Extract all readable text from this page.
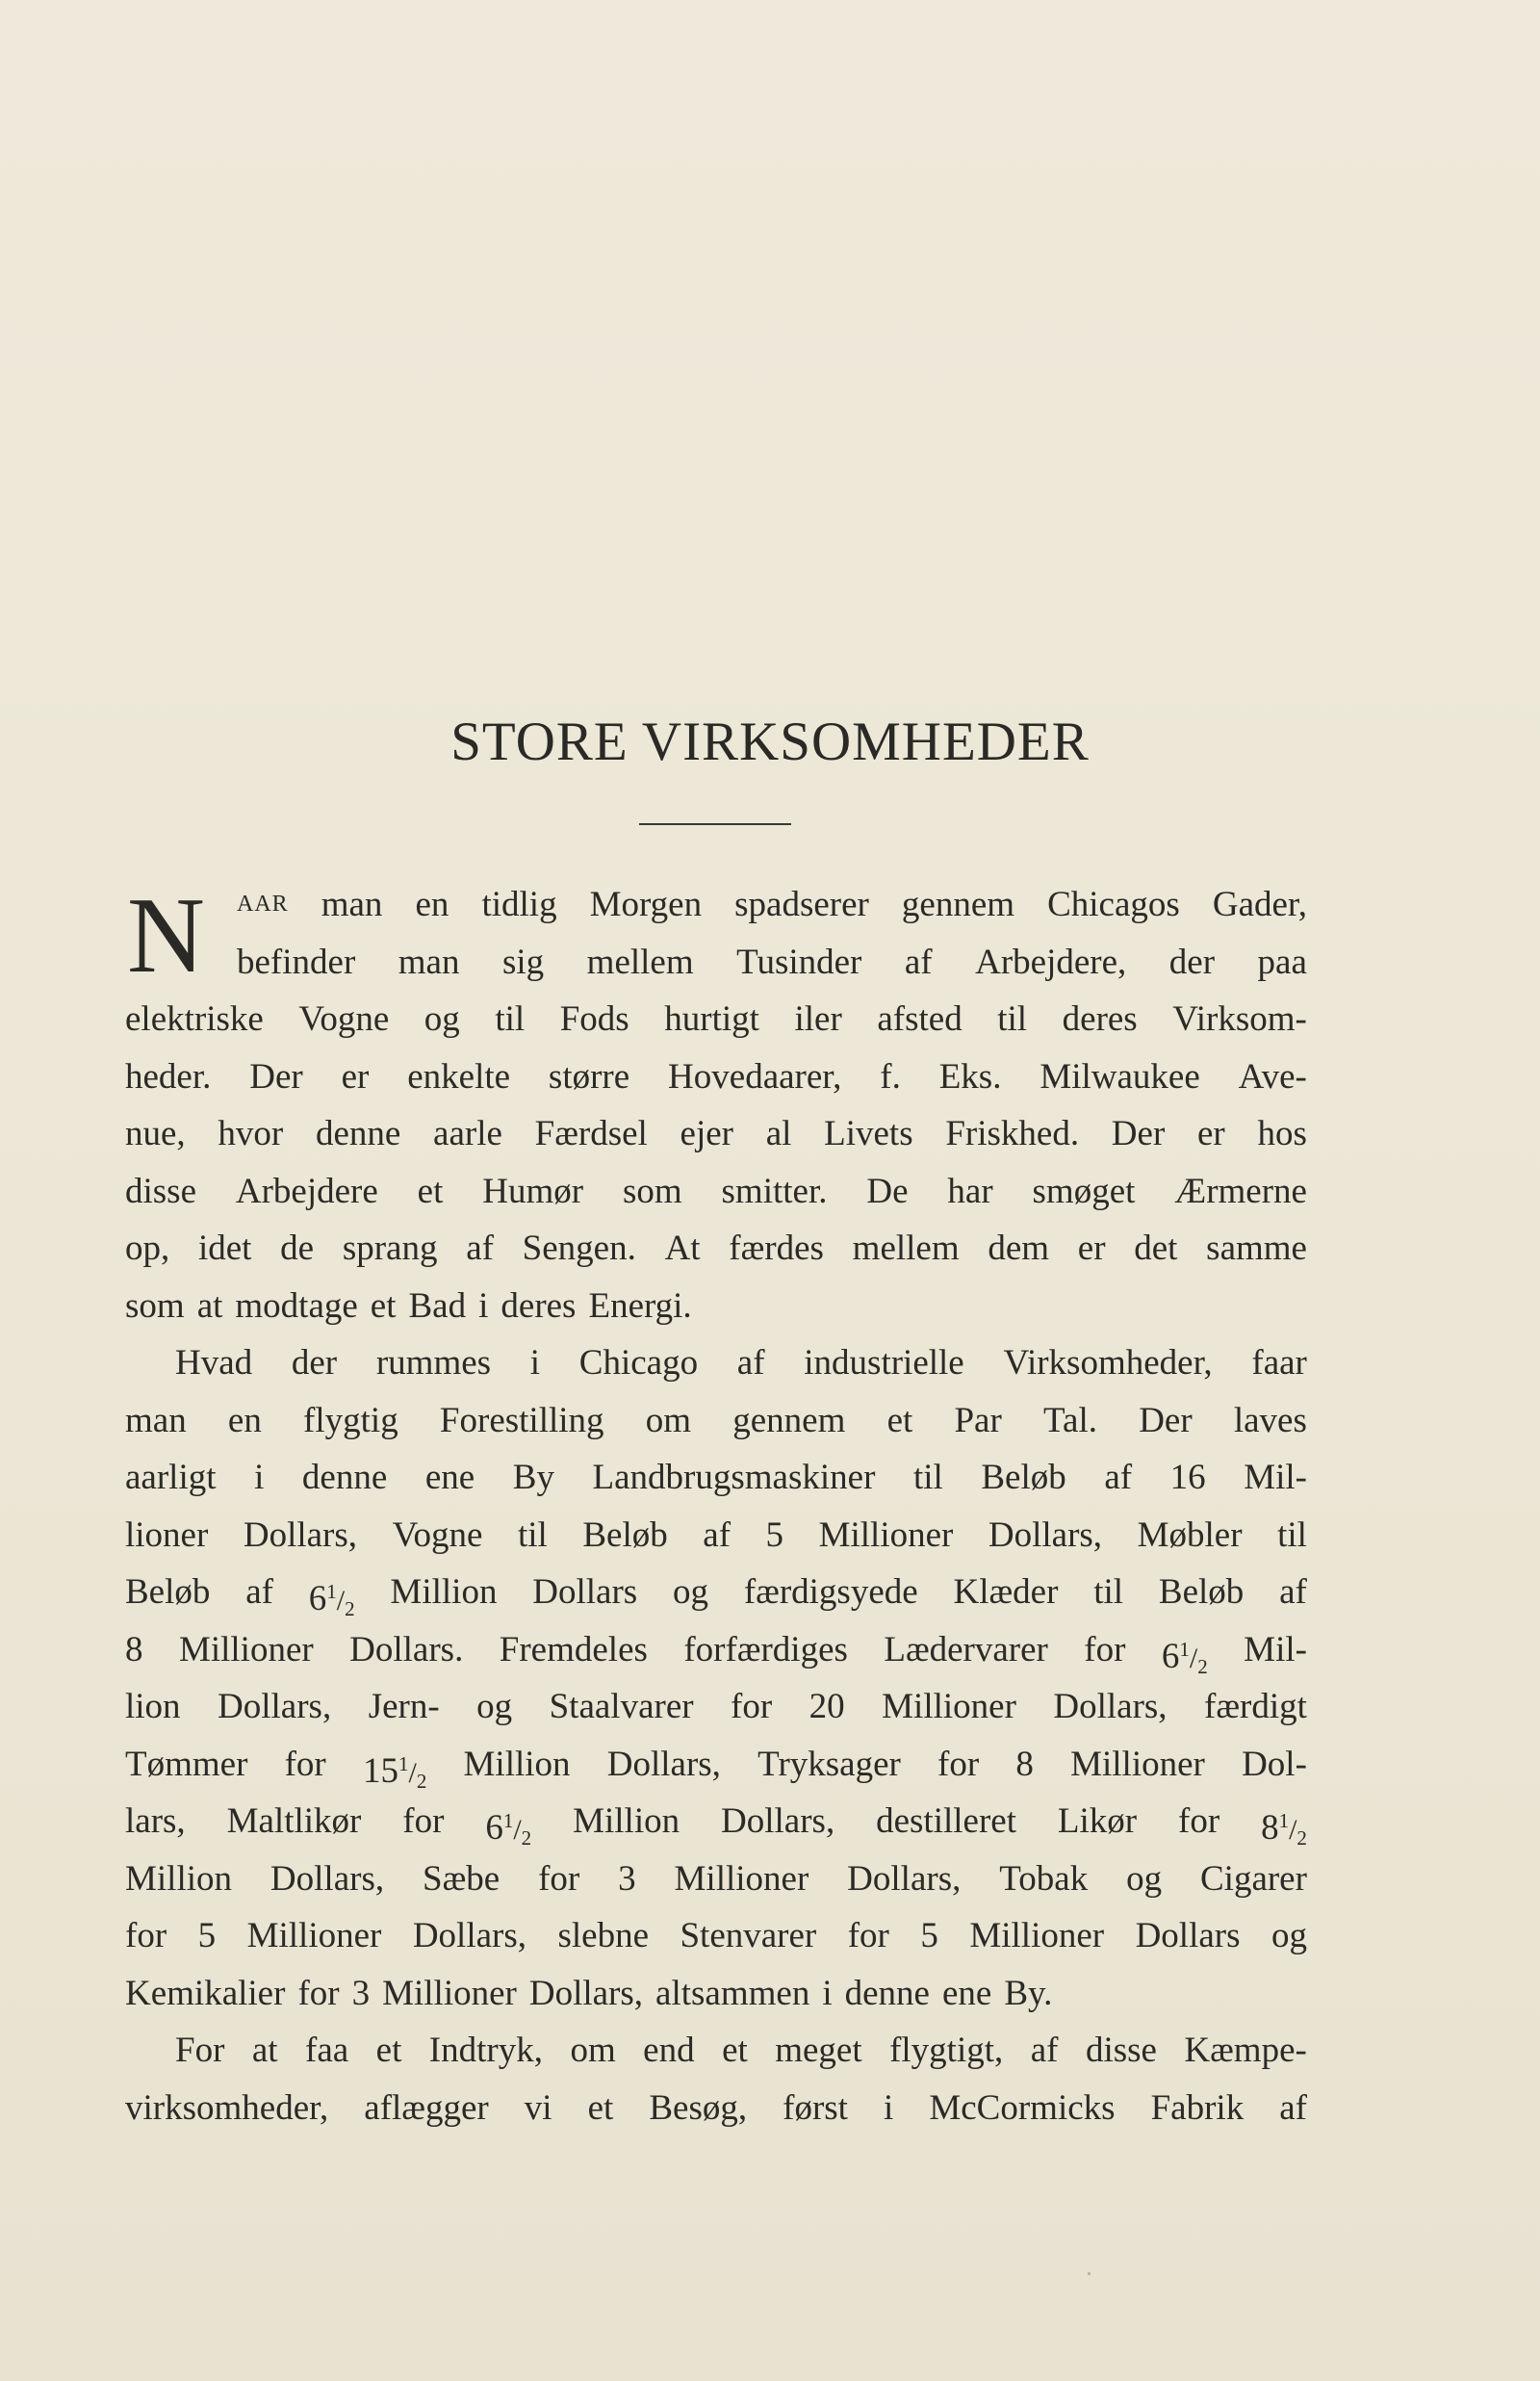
STORE VIRKSOMHEDER
N AAR man en tidlig Morgen spadserer gennem Chicagos Gader,
befinder man sig mellem Tusinder af Arbejdere, der paa
elektriske Vogne og til Fods hurtigt iler afsted til deres Virksom-
heder. Der er enkelte større Hovedaarer, f. Eks. Milwaukee Ave-
nue, hvor denne aarle Færdsel ejer al Livets Friskhed. Der er hos
disse Arbejdere et Humør som smitter. De har smøget Ærmerne
op, idet de sprang af Sengen. At færdes mellem dem er det samme
som at modtage et Bad i deres Energi.
Hvad der rummes i Chicago af industrielle Virksomheder, faar
man en flygtig Forestilling om gennem et Par Tal. Der laves
aarligt i denne ene By Landbrugsmaskiner til Beløb af 16 Mil-
lioner Dollars, Vogne til Beløb af 5 Millioner Dollars, Møbler til
Beløb af $6^1/_2$ Million Dollars og færdigsyede Klæder til Beløb af
8 Millioner Dollars. Fremdeles forfærdiges Lædervarer for $6^1/_2$ Mil-
lion Dollars, Jern- og Staalvarer for 20 Millioner Dollars, færdigt
Tømmer for $15^1/_2$ Million Dollars, Tryksager for 8 Millioner Dol-
lars, Maltlikør for $6^1/_2$ Million Dollars, destilleret Likør for $8^1/_2$
Million Dollars, Sæbe for 3 Millioner Dollars, Tobak og Cigarer
for 5 Millioner Dollars, slebne Stenvarer for 5 Millioner Dollars og
Kemikalier for 3 Millioner Dollars, altsammen i denne ene By.
For at faa et Indtryk, om end et meget flygtigt, af disse Kæmpe-
virksomheder, aflægger vi et Besøg, først i McCormicks Fabrik af
